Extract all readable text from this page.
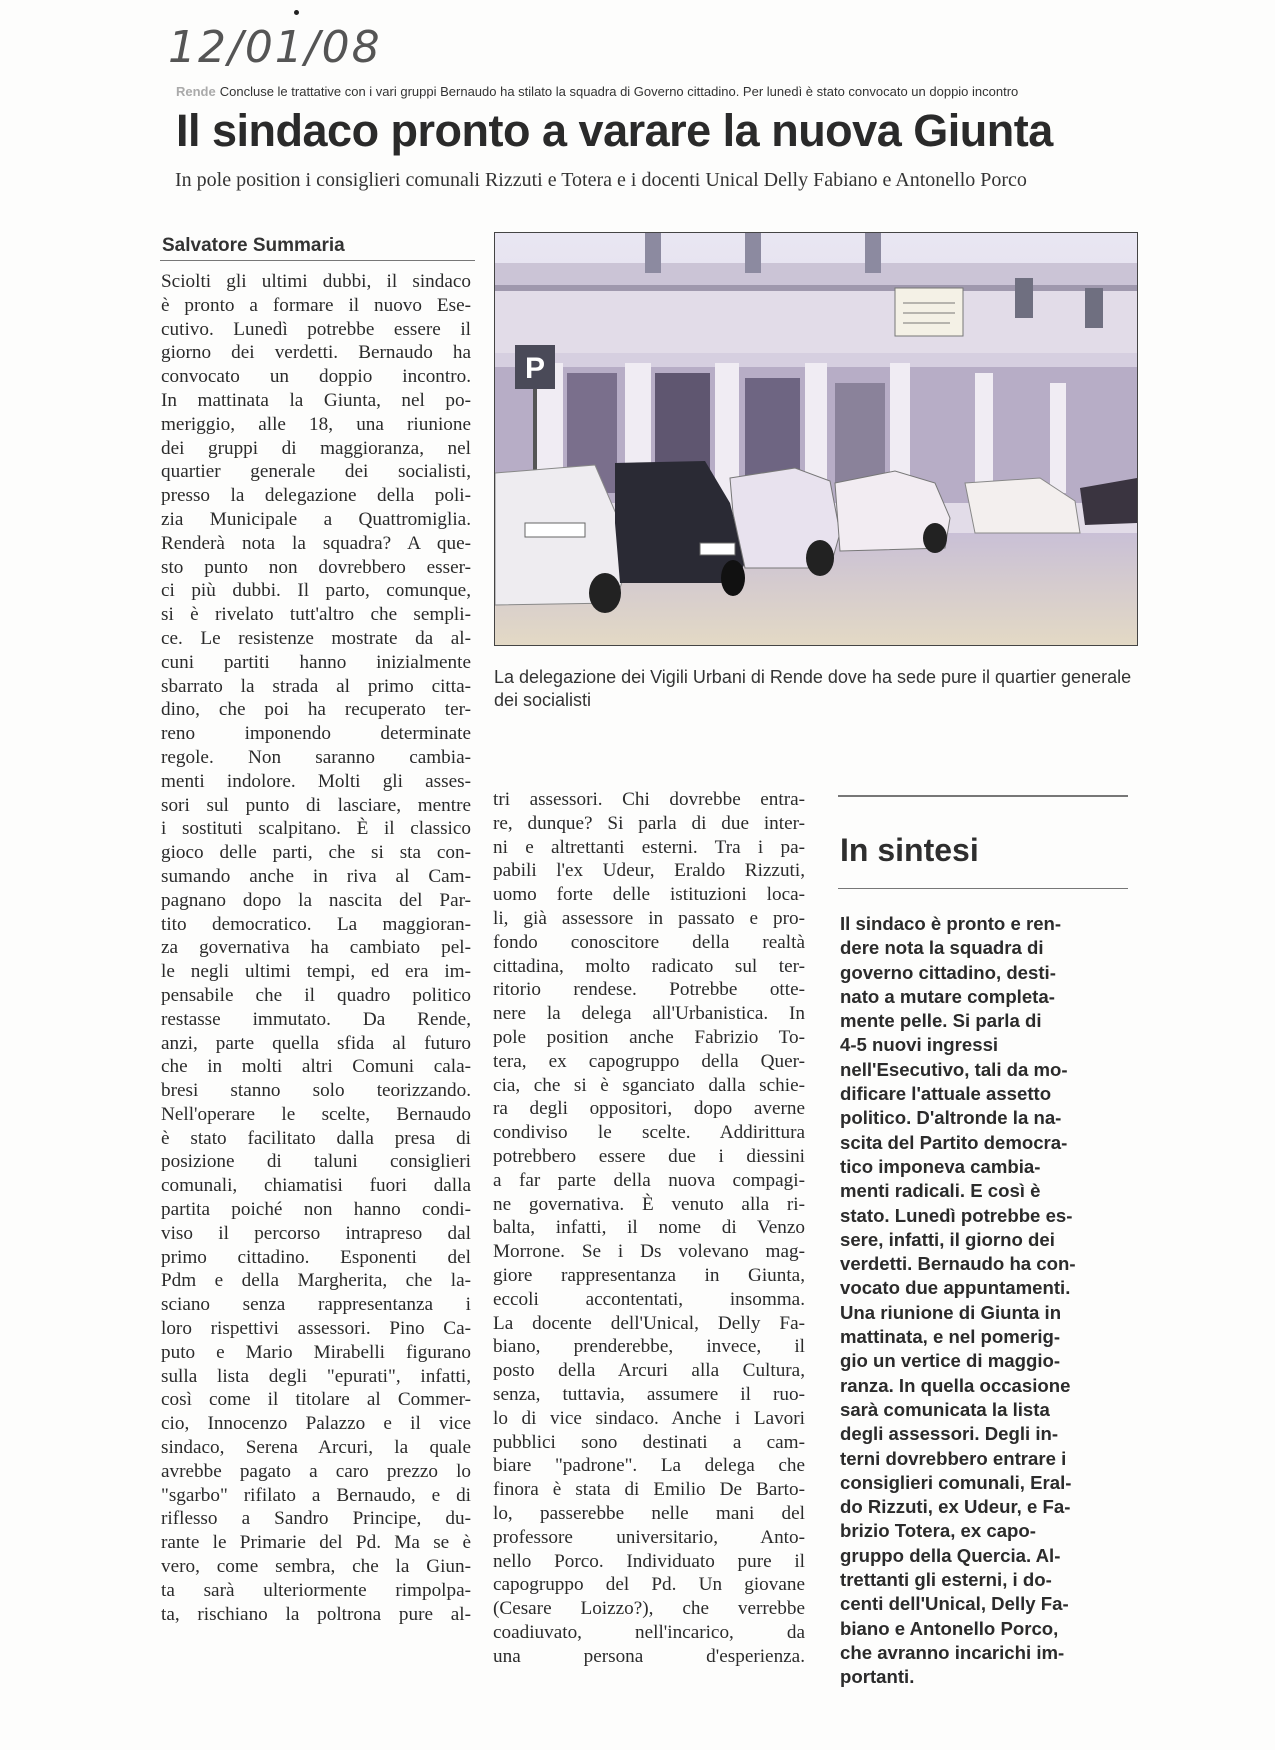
12/01/08
Rende Concluse le trattative con i vari gruppi Bernaudo ha stilato la squadra di Governo cittadino. Per lunedì è stato convocato un doppio incontro
Il sindaco pronto a varare la nuova Giunta
In pole position i consiglieri comunali Rizzuti e Totera e i docenti Unical Delly Fabiano e Antonello Porco
Salvatore Summaria
Sciolti gli ultimi dubbi, il sindaco
è pronto a formare il nuovo Ese-
cutivo. Lunedì potrebbe essere il
giorno dei verdetti. Bernaudo ha
convocato un doppio incontro.
In mattinata la Giunta, nel po-
meriggio, alle 18, una riunione
dei gruppi di maggioranza, nel
quartier generale dei socialisti,
presso la delegazione della poli-
zia Municipale a Quattromiglia.
Renderà nota la squadra? A que-
sto punto non dovrebbero esser-
ci più dubbi. Il parto, comunque,
si è rivelato tutt'altro che sempli-
ce. Le resistenze mostrate da al-
cuni partiti hanno inizialmente
sbarrato la strada al primo citta-
dino, che poi ha recuperato ter-
reno imponendo determinate
regole. Non saranno cambia-
menti indolore. Molti gli asses-
sori sul punto di lasciare, mentre
i sostituti scalpitano. È il classico
gioco delle parti, che si sta con-
sumando anche in riva al Cam-
pagnano dopo la nascita del Par-
tito democratico. La maggioran-
za governativa ha cambiato pel-
le negli ultimi tempi, ed era im-
pensabile che il quadro politico
restasse immutato. Da Rende,
anzi, parte quella sfida al futuro
che in molti altri Comuni cala-
bresi stanno solo teorizzando.
Nell'operare le scelte, Bernaudo
è stato facilitato dalla presa di
posizione di taluni consiglieri
comunali, chiamatisi fuori dalla
partita poiché non hanno condi-
viso il percorso intrapreso dal
primo cittadino. Esponenti del
Pdm e della Margherita, che la-
sciano senza rappresentanza i
loro rispettivi assessori. Pino Ca-
puto e Mario Mirabelli figurano
sulla lista degli "epurati", infatti,
così come il titolare al Commer-
cio, Innocenzo Palazzo e il vice
sindaco, Serena Arcuri, la quale
avrebbe pagato a caro prezzo lo
"sgarbo" rifilato a Bernaudo, e di
riflesso a Sandro Principe, du-
rante le Primarie del Pd. Ma se è
vero, come sembra, che la Giun-
ta sarà ulteriormente rimpolpa-
ta, rischiano la poltrona pure al-
P
La delegazione dei Vigili Urbani di Rende dove ha sede pure il quartier generale dei socialisti
In sintesi
tri assessori. Chi dovrebbe entra-
re, dunque? Si parla di due inter-
ni e altrettanti esterni. Tra i pa-
pabili l'ex Udeur, Eraldo Rizzuti,
uomo forte delle istituzioni loca-
li, già assessore in passato e pro-
fondo conoscitore della realtà
cittadina, molto radicato sul ter-
ritorio rendese. Potrebbe otte-
nere la delega all'Urbanistica. In
pole position anche Fabrizio To-
tera, ex capogruppo della Quer-
cia, che si è sganciato dalla schie-
ra degli oppositori, dopo averne
condiviso le scelte. Addirittura
potrebbero essere due i diessini
a far parte della nuova compagi-
ne governativa. È venuto alla ri-
balta, infatti, il nome di Venzo
Morrone. Se i Ds volevano mag-
giore rappresentanza in Giunta,
eccoli accontentati, insomma.
La docente dell'Unical, Delly Fa-
biano, prenderebbe, invece, il
posto della Arcuri alla Cultura,
senza, tuttavia, assumere il ruo-
lo di vice sindaco. Anche i Lavori
pubblici sono destinati a cam-
biare "padrone". La delega che
finora è stata di Emilio De Barto-
lo, passerebbe nelle mani del
professore universitario, Anto-
nello Porco. Individuato pure il
capogruppo del Pd. Un giovane
(Cesare Loizzo?), che verrebbe
coadiuvato, nell'incarico, da
una persona d'esperienza.
Il sindaco è pronto e ren-
dere nota la squadra di
governo cittadino, desti-
nato a mutare completa-
mente pelle. Si parla di
4-5 nuovi ingressi
nell'Esecutivo, tali da mo-
dificare l'attuale assetto
politico. D'altronde la na-
scita del Partito democra-
tico imponeva cambia-
menti radicali. E così è
stato. Lunedì potrebbe es-
sere, infatti, il giorno dei
verdetti. Bernaudo ha con-
vocato due appuntamenti.
Una riunione di Giunta in
mattinata, e nel pomerig-
gio un vertice di maggio-
ranza. In quella occasione
sarà comunicata la lista
degli assessori. Degli in-
terni dovrebbero entrare i
consiglieri comunali, Eral-
do Rizzuti, ex Udeur, e Fa-
brizio Totera, ex capo-
gruppo della Quercia. Al-
trettanti gli esterni, i do-
centi dell'Unical, Delly Fa-
biano e Antonello Porco,
che avranno incarichi im-
portanti.
